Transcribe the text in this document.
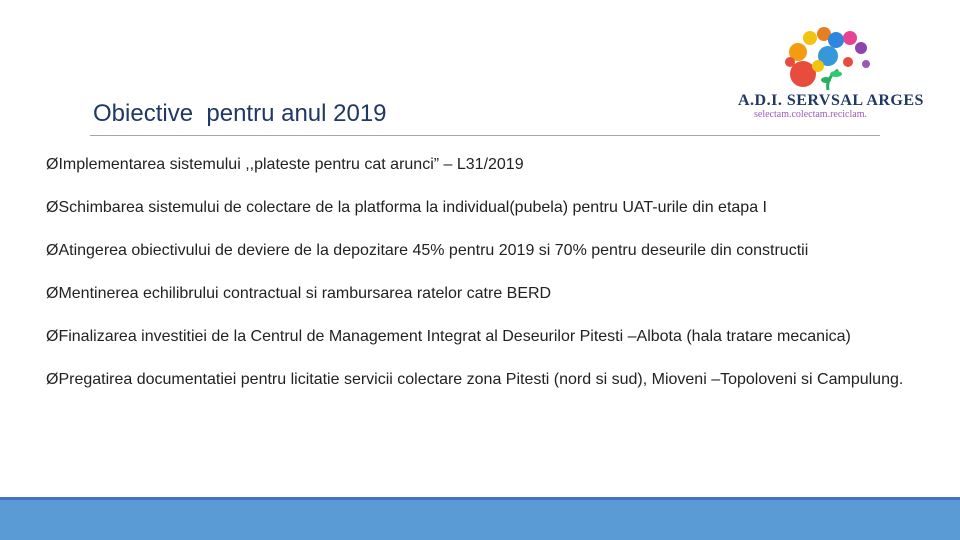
A.D.I. SERVSAL ARGES
selectam.colectam.reciclam.
Obiective  pentru anul 2019
ØImplementarea sistemului ,,plateste pentru cat arunci” – L31/2019
ØSchimbarea sistemului de colectare de la platforma la individual(pubela) pentru UAT-urile din etapa I
ØAtingerea obiectivului de deviere de la depozitare 45% pentru 2019 si 70% pentru deseurile din constructii
ØMentinerea echilibrului contractual si rambursarea ratelor catre BERD
ØFinalizarea investitiei de la Centrul de Management Integrat al Deseurilor Pitesti –Albota (hala tratare mecanica)
ØPregatirea documentatiei pentru licitatie servicii colectare zona Pitesti (nord si sud), Mioveni –Topoloveni si Campulung.
